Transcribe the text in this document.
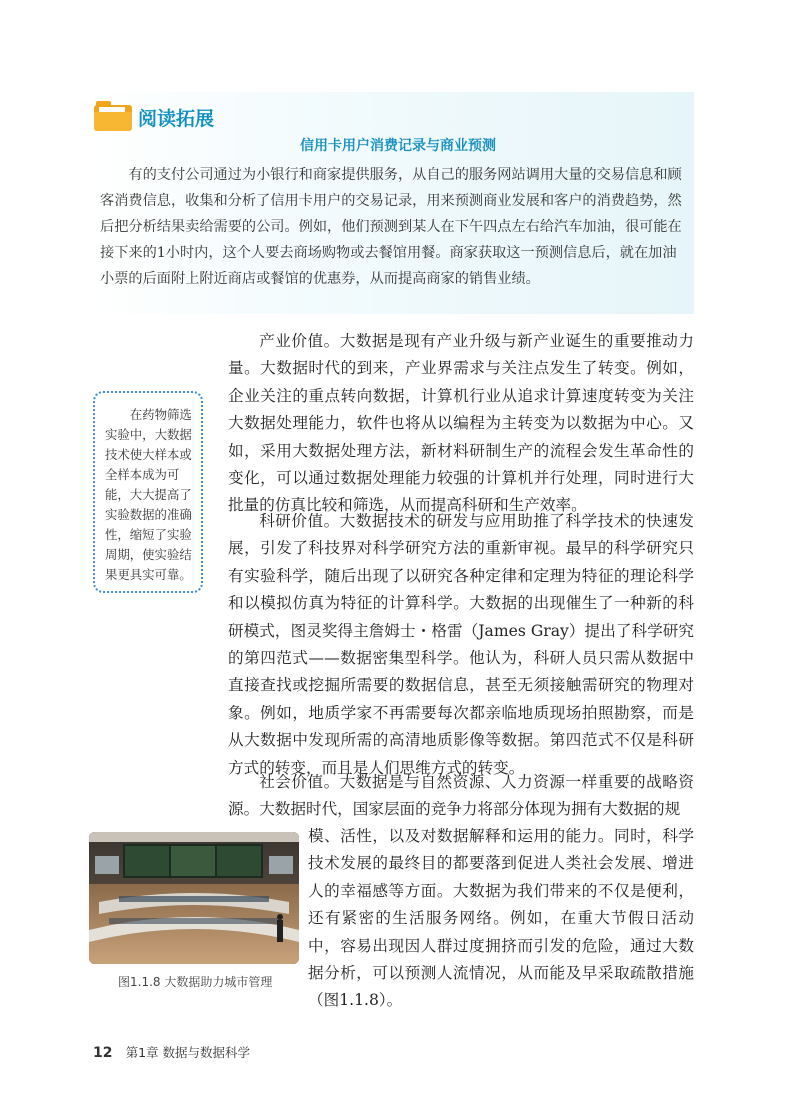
阅读拓展
信用卡用户消费记录与商业预测

有的支付公司通过为小银行和商家提供服务，从自己的服务网站调用大量的交易信息和顾客消费信息，收集和分析了信用卡用户的交易记录，用来预测商业发展和客户的消费趋势，然后把分析结果卖给需要的公司。例如，他们预测到某人在下午四点左右给汽车加油，很可能在接下来的1小时内，这个人要去商场购物或去餐馆用餐。商家获取这一预测信息后，就在加油小票的后面附上附近商店或餐馆的优惠券，从而提高商家的销售业绩。

在药物筛选实验中，大数据技术使大样本或全样本成为可能，大大提高了实验数据的准确性，缩短了实验周期，使实验结果更具实可靠。

产业价值。大数据是现有产业升级与新产业诞生的重要推动力量。大数据时代的到来，产业界需求与关注点发生了转变。例如，企业关注的重点转向数据，计算机行业从追求计算速度转变为关注大数据处理能力，软件也将从以编程为主转变为以数据为中心。又如，采用大数据处理方法，新材料研制生产的流程会发生革命性的变化，可以通过数据处理能力较强的计算机并行处理，同时进行大批量的仿真比较和筛选，从而提高科研和生产效率。

科研价值。大数据技术的研发与应用助推了科学技术的快速发展，引发了科技界对科学研究方法的重新审视。最早的科学研究只有实验科学，随后出现了以研究各种定律和定理为特征的理论科学和以模拟仿真为特征的计算科学。大数据的出现催生了一种新的科研模式，图灵奖得主詹姆士・格雷（James Gray）提出了科学研究的第四范式——数据密集型科学。他认为，科研人员只需从数据中直接查找或挖掘所需要的数据信息，甚至无须接触需研究的物理对象。例如，地质学家不再需要每次都亲临地质现场拍照勘察，而是从大数据中发现所需的高清地质影像等数据。第四范式不仅是科研方式的转变，而且是人们思维方式的转变。

社会价值。大数据是与自然资源、人力资源一样重要的战略资源。大数据时代，国家层面的竞争力将部分体现为拥有大数据的规

模、活性，以及对数据解释和运用的能力。同时，科学技术发展的最终目的都要落到促进人类社会发展、增进人的幸福感等方面。大数据为我们带来的不仅是便利，还有紧密的生活服务网络。例如，在重大节假日活动中，容易出现因人群过度拥挤而引发的危险，通过大数据分析，可以预测人流情况，从而能及早采取疏散措施（图1.1.8）。

图1.1.8 大数据助力城市管理
12 第1章 数据与数据科学
